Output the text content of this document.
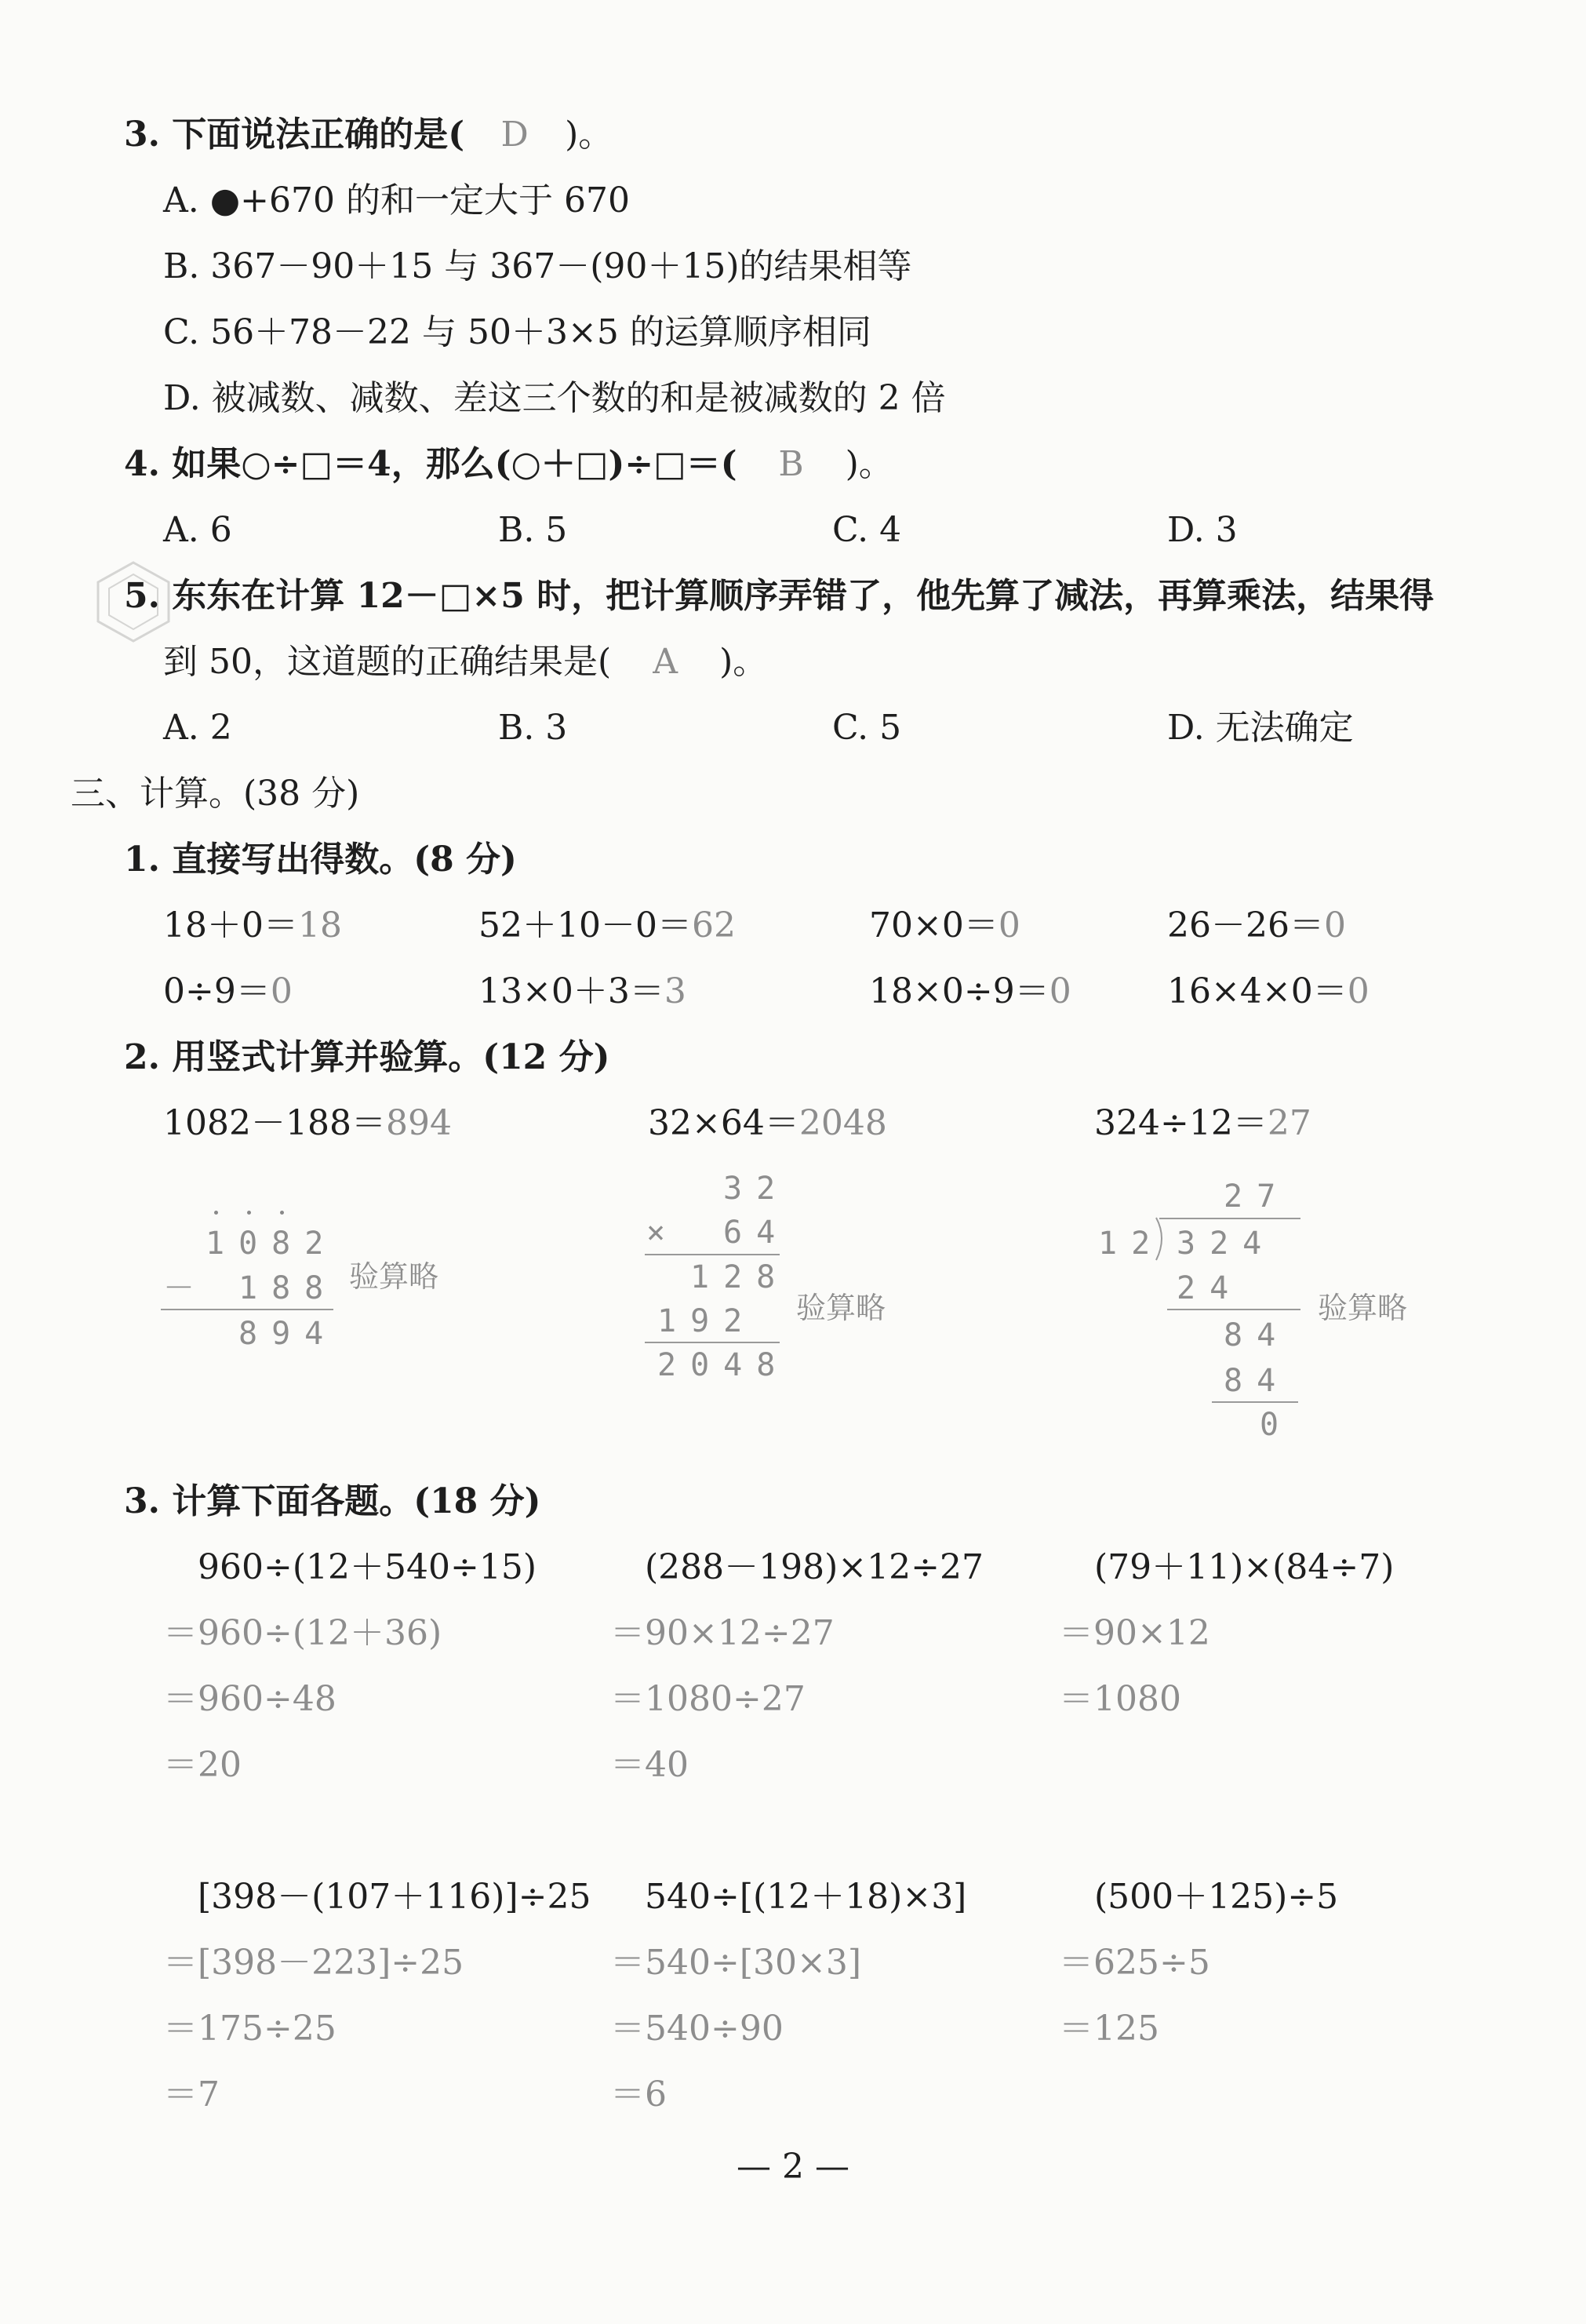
3. 下面说法正确的是( D )。
A. ●+670 的和一定大于 670
B. 367－90＋15 与 367－(90＋15)的结果相等
C. 56＋78－22 与 50＋3×5 的运算顺序相同
D. 被减数、减数、差这三个数的和是被减数的 2 倍
4. 如果○÷□＝4，那么(○＋□)÷□＝( B )。
A. 6	B. 5	C. 4	D. 3
5. 东东在计算 12－□×5 时，把计算顺序弄错了，他先算了减法，再算乘法，结果得
到 50，这道题的正确结果是( A )。
A. 2	B. 3	C. 5	D. 无法确定
三、计算。(38 分)
1. 直接写出得数。(8 分)
18＋0＝18	52＋10－0＝62	70×0＝0	26－26＝0
0÷9＝0	13×0＋3＝3	18×0÷9＝0	16×4×0＝0
2. 用竖式计算并验算。(12 分)
1082－188＝894	32×64＝2048	324÷12＝27
1082
－ 188
894
验算略
32
× 64
128
192
2048
验算略
27
12 324
24
84
84
0
验算略
3. 计算下面各题。(18 分)
960÷(12＋540÷15)
＝960÷(12＋36)
＝960÷48
＝20
(288－198)×12÷27
＝90×12÷27
＝1080÷27
＝40
(79＋11)×(84÷7)
＝90×12
＝1080
[398－(107＋116)]÷25
＝[398－223]÷25
＝175÷25
＝7
540÷[(12＋18)×3]
＝540÷[30×3]
＝540÷90
＝6
(500＋125)÷5
＝625÷5
＝125
— 2 —
